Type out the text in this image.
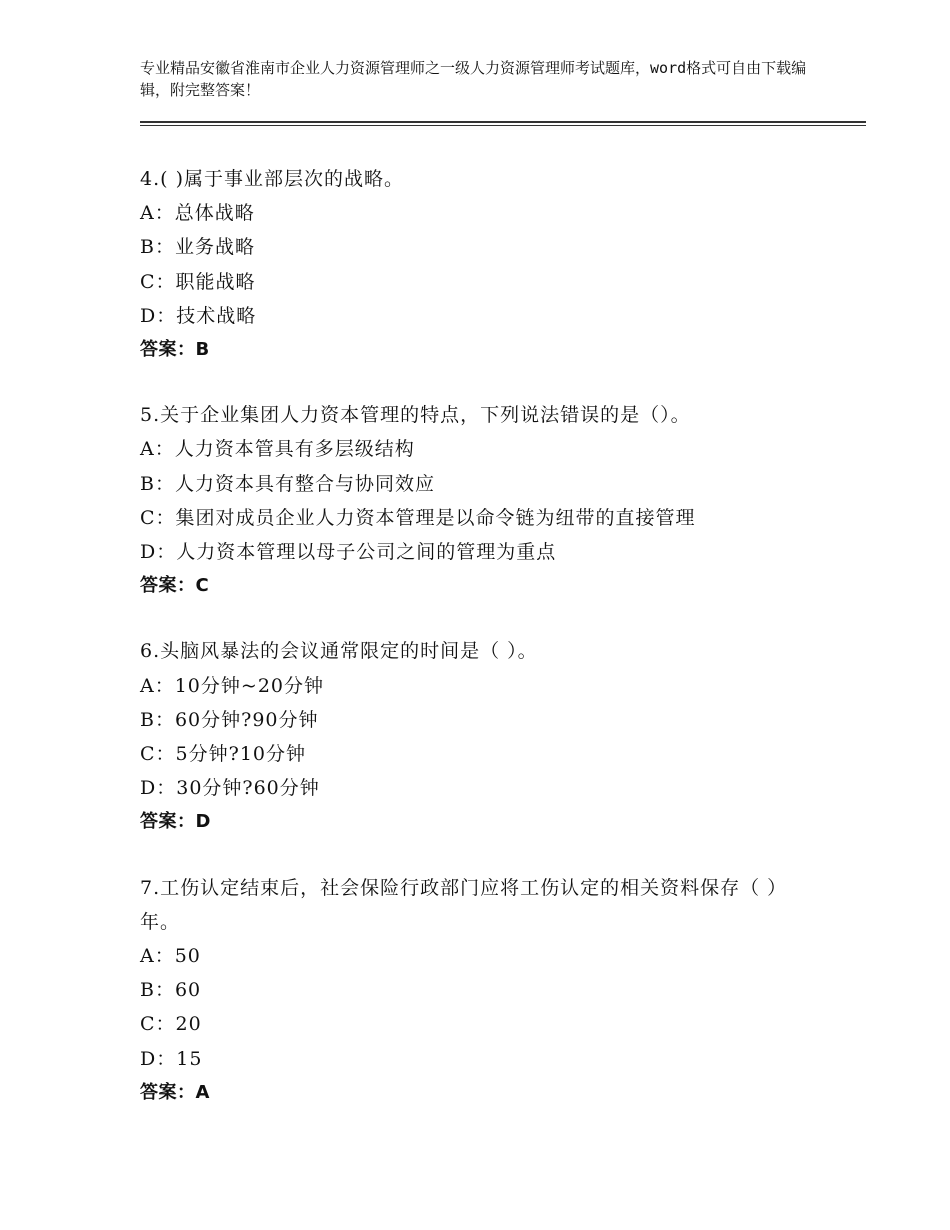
专业精品安徽省淮南市企业人力资源管理师之一级人力资源管理师考试题库，word格式可自由下载编辑，附完整答案！
4.( )属于事业部层次的战略。
A：总体战略
B：业务战略
C：职能战略
D：技术战略
答案：B
5.关于企业集团人力资本管理的特点，下列说法错误的是（）。
A：人力资本管具有多层级结构
B：人力资本具有整合与协同效应
C：集团对成员企业人力资本管理是以命令链为纽带的直接管理
D：人力资本管理以母子公司之间的管理为重点
答案：C
6.头脑风暴法的会议通常限定的时间是（ ）。
A：10分钟~20分钟
B：60分钟?90分钟
C：5分钟?10分钟
D：30分钟?60分钟
答案：D
7.工伤认定结束后，社会保险行政部门应将工伤认定的相关资料保存（ ）年。
A：50
B：60
C：20
D：15
答案：A
